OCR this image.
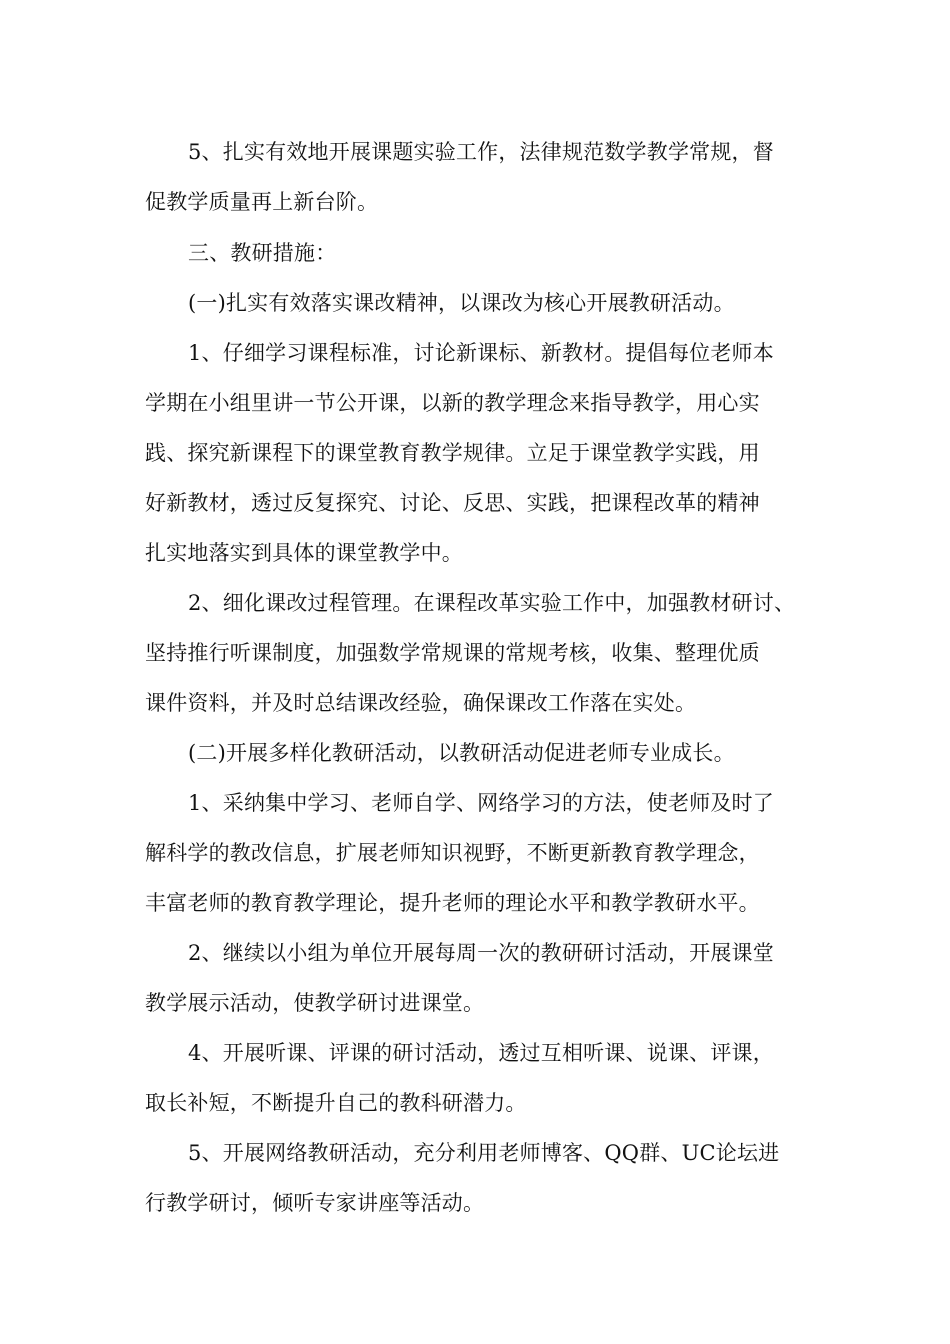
5、扎实有效地开展课题实验工作，法律规范数学教学常规，督
促教学质量再上新台阶。
三、教研措施：
(一)扎实有效落实课改精神，以课改为核心开展教研活动。
1、仔细学习课程标准，讨论新课标、新教材。提倡每位老师本
学期在小组里讲一节公开课，以新的教学理念来指导教学，用心实
践、探究新课程下的课堂教育教学规律。立足于课堂教学实践，用
好新教材，透过反复探究、讨论、反思、实践，把课程改革的精神
扎实地落实到具体的课堂教学中。
2、细化课改过程管理。在课程改革实验工作中，加强教材研讨、
坚持推行听课制度，加强数学常规课的常规考核，收集、整理优质
课件资料，并及时总结课改经验，确保课改工作落在实处。
(二)开展多样化教研活动，以教研活动促进老师专业成长。
1、采纳集中学习、老师自学、网络学习的方法，使老师及时了
解科学的教改信息，扩展老师知识视野，不断更新教育教学理念，
丰富老师的教育教学理论，提升老师的理论水平和教学教研水平。
2、继续以小组为单位开展每周一次的教研研讨活动，开展课堂
教学展示活动，使教学研讨进课堂。
4、开展听课、评课的研讨活动，透过互相听课、说课、评课，
取长补短，不断提升自己的教科研潜力。
5、开展网络教研活动，充分利用老师博客、QQ群、UC论坛进
行教学研讨，倾听专家讲座等活动。
